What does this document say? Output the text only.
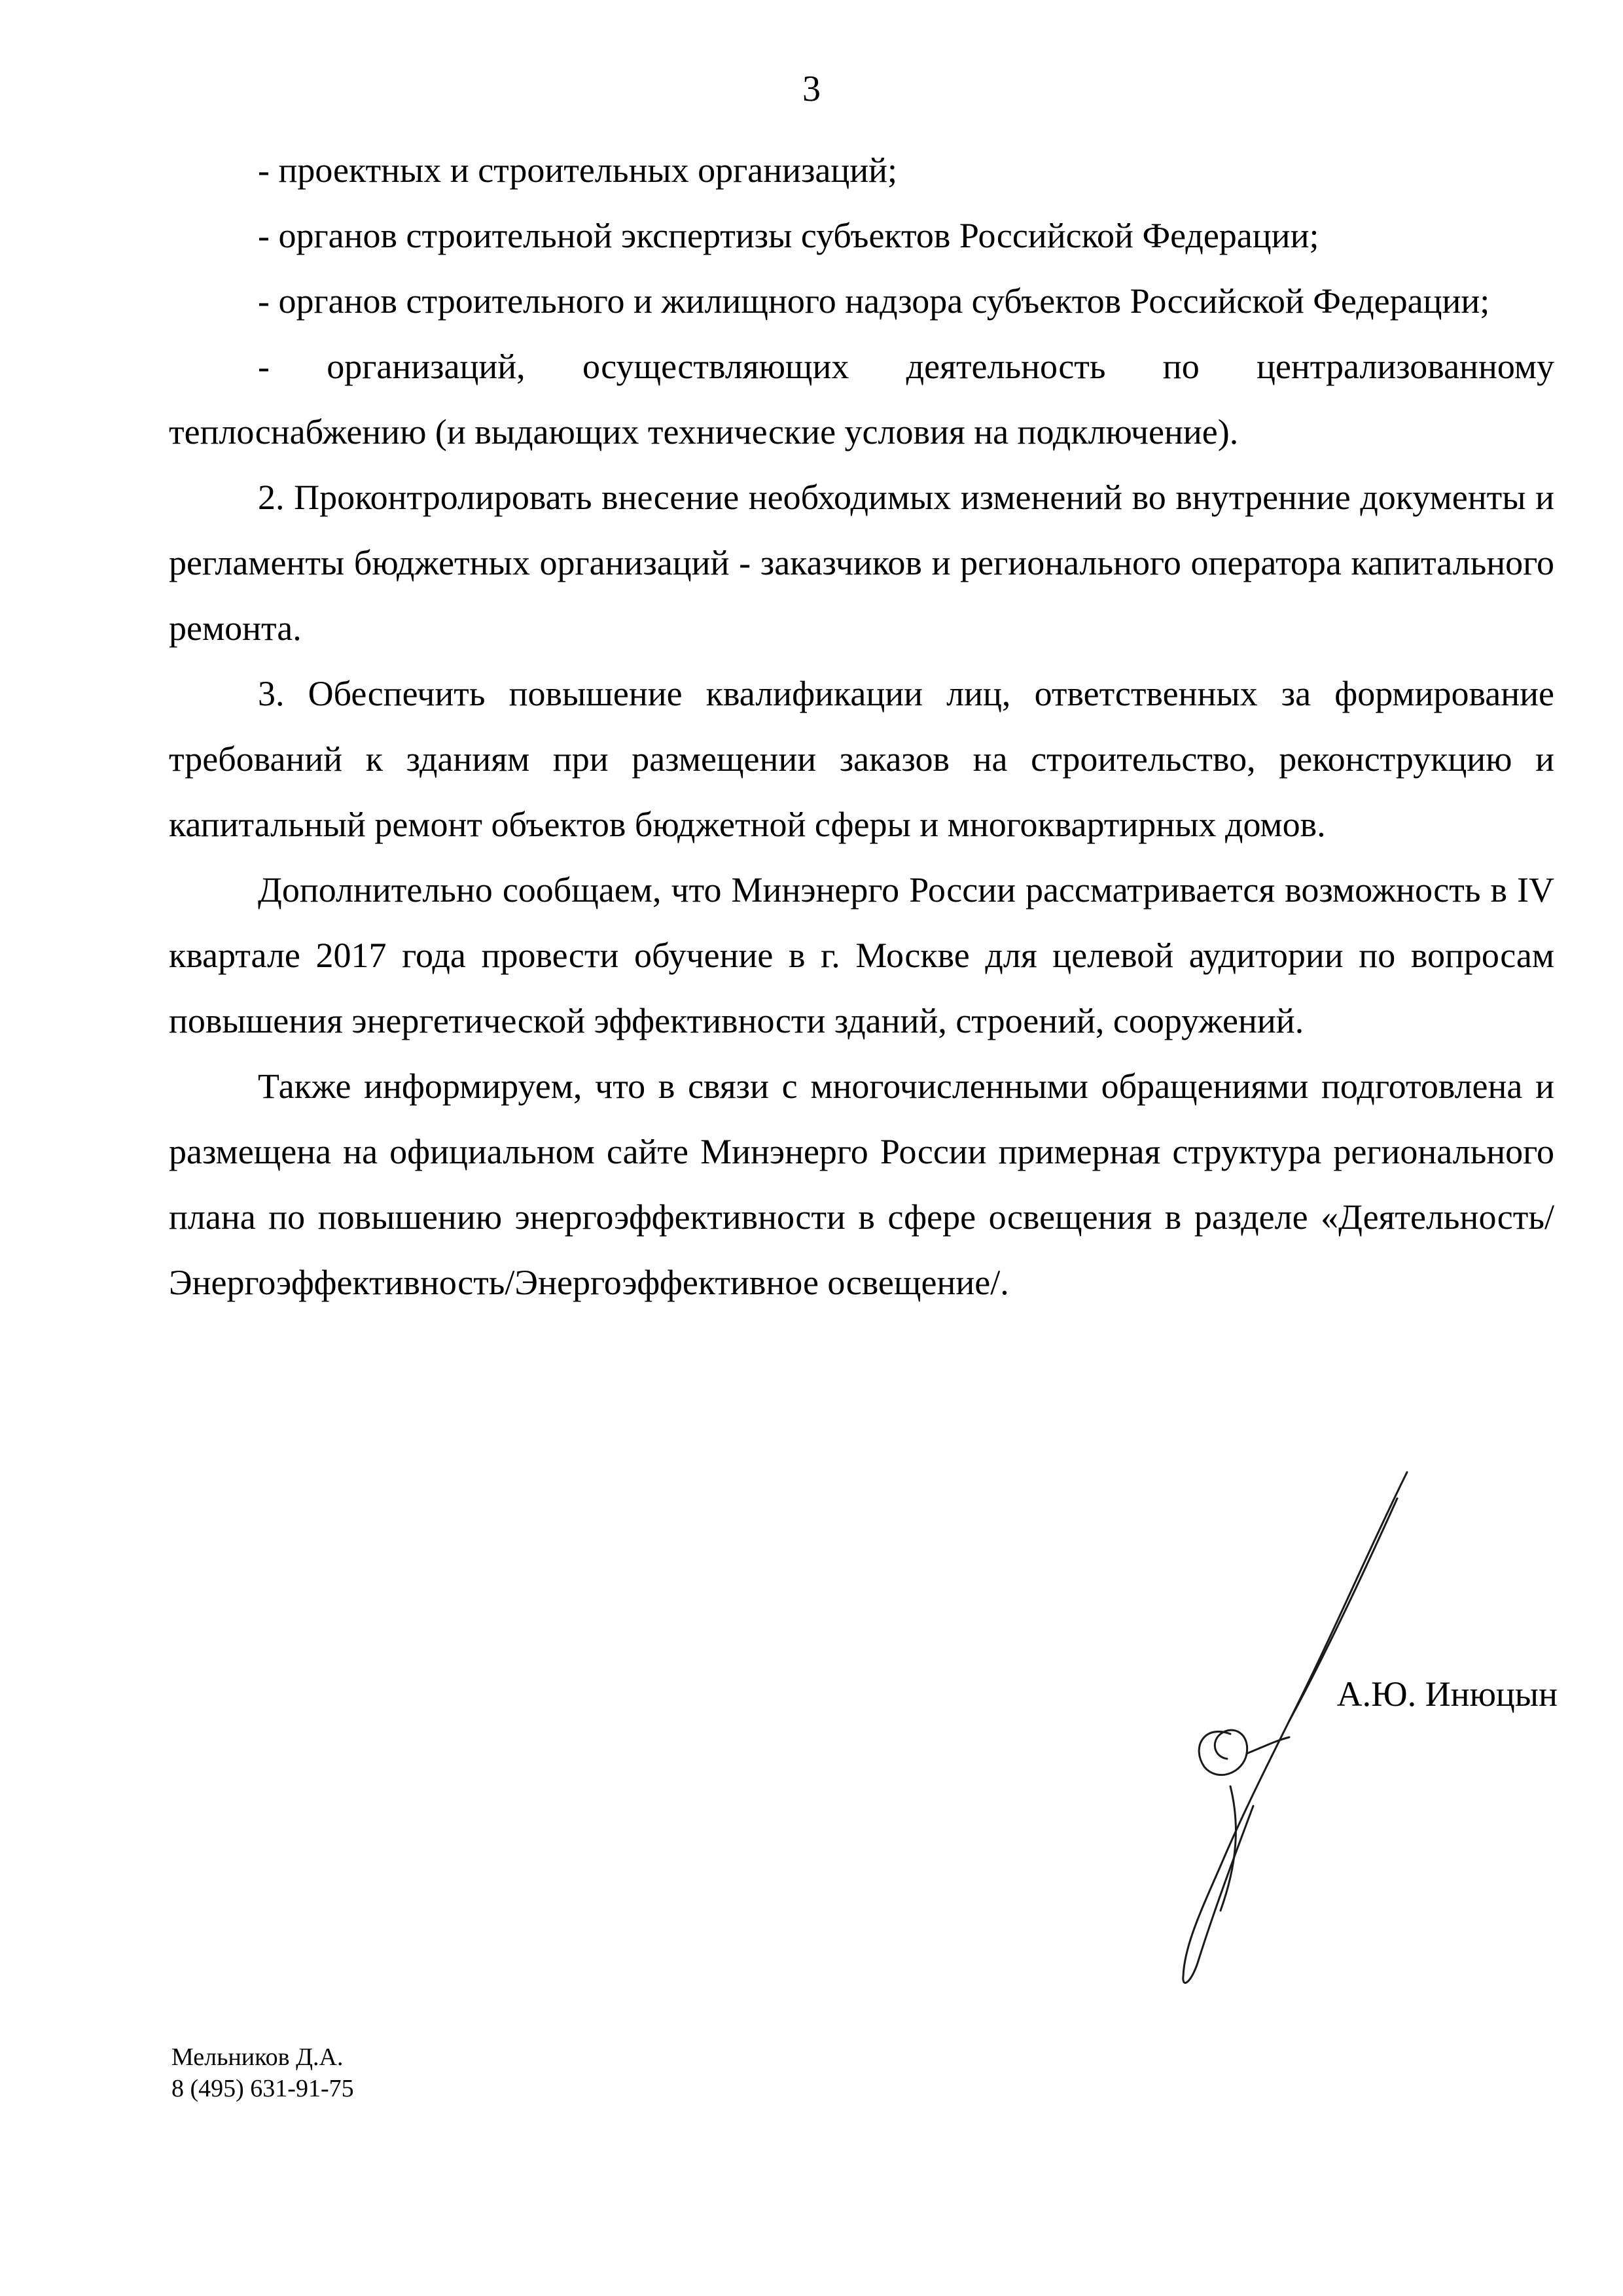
3

- проектных и строительных организаций;

- органов строительной экспертизы субъектов Российской Федерации;

- органов строительного и жилищного надзора субъектов Российской Федерации;

- организаций, осуществляющих деятельность по централизованному теплоснабжению (и выдающих технические условия на подключение).

2. Проконтролировать внесение необходимых изменений во внутренние документы и регламенты бюджетных организаций - заказчиков и регионального оператора капитального ремонта.

3. Обеспечить повышение квалификации лиц, ответственных за формирование требований к зданиям при размещении заказов на строительство, реконструкцию и капитальный ремонт объектов бюджетной сферы и многоквартирных домов.

Дополнительно сообщаем, что Минэнерго России рассматривается возможность в IV квартале 2017 года провести обучение в г. Москве для целевой аудитории по вопросам повышения энергетической эффективности зданий, строений, сооружений.

Также информируем, что в связи с многочисленными обращениями подготовлена и размещена на официальном сайте Минэнерго России примерная структура регионального плана по повышению энергоэффективности в сфере освещения в разделе «Деятельность/Энергоэффективность/Энергоэффективное освещение/.

А.Ю. Инюцын
Мельников Д.А.
8 (495) 631-91-75
